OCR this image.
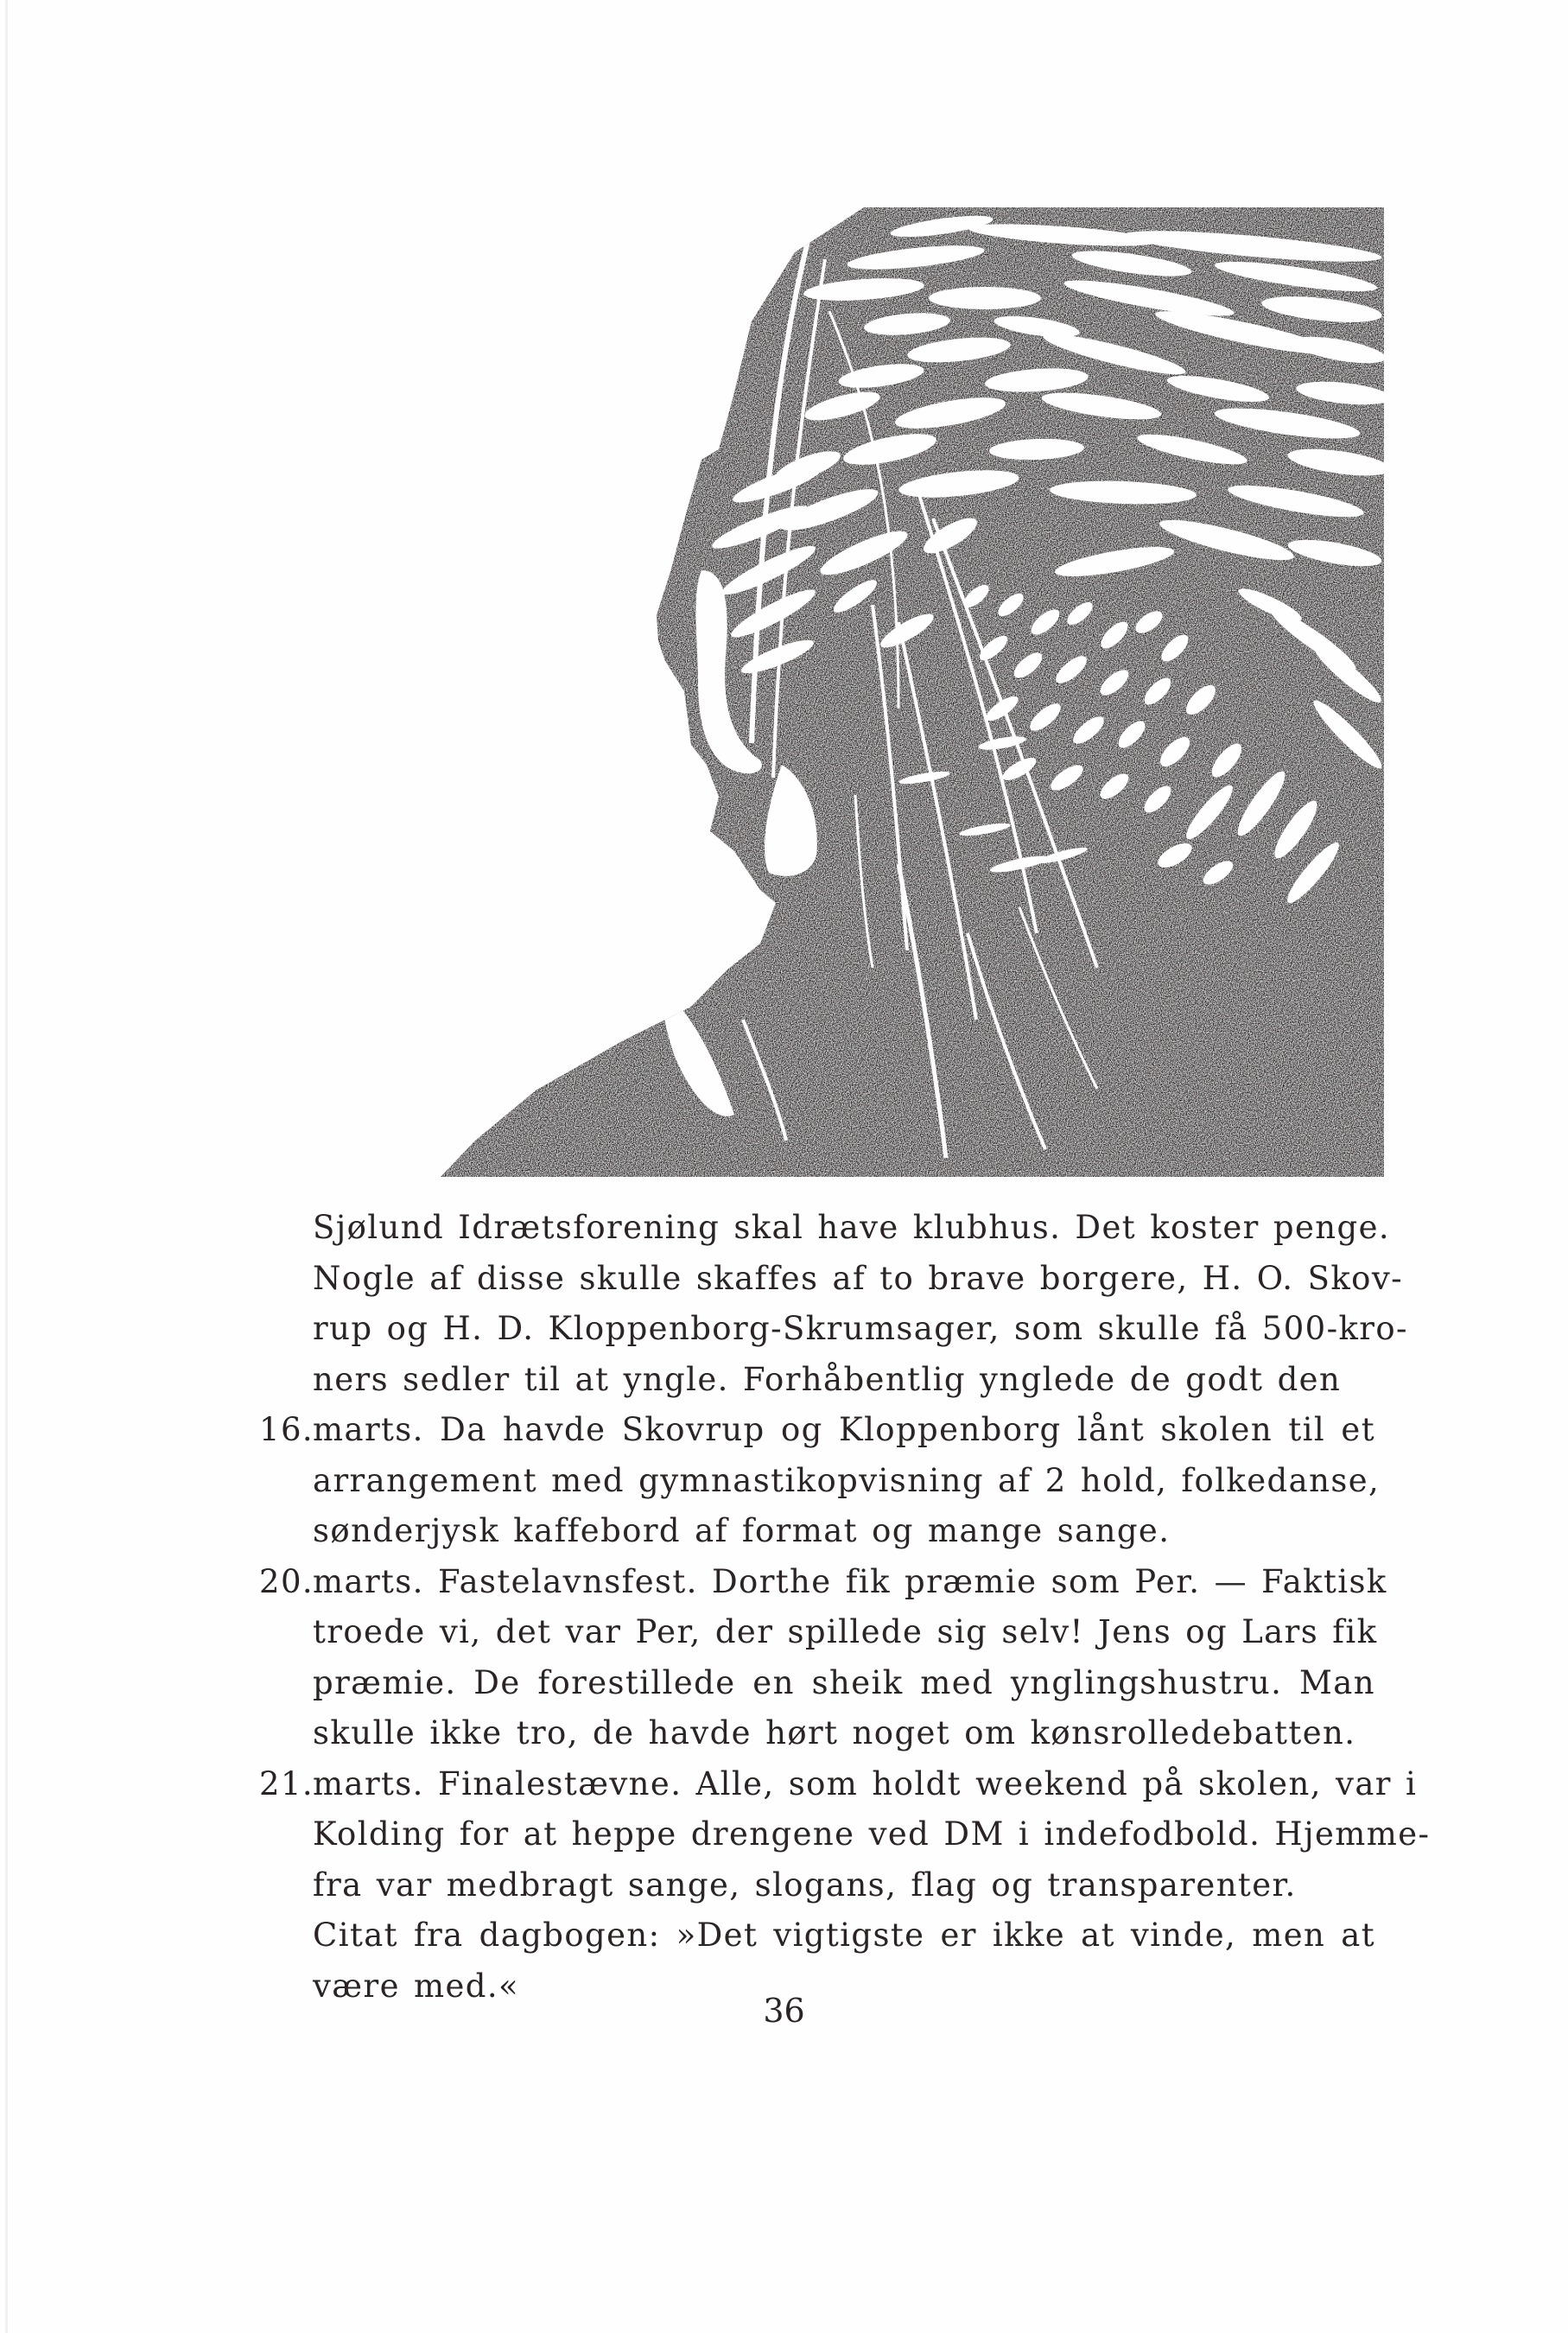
Sjølund Idrætsforening skal have klubhus. Det koster penge.
Nogle af disse skulle skaffes af to brave borgere, H. O. Skov-
rup og H. D. Kloppenborg-Skrumsager, som skulle få 500-kro-
ners sedler til at yngle. Forhåbentlig ynglede de godt den
16.
marts. Da havde Skovrup og Kloppenborg lånt skolen til et
arrangement med gymnastikopvisning af 2 hold, folkedanse,
sønderjysk kaffebord af format og mange sange.
20.
marts. Fastelavnsfest. Dorthe fik præmie som Per. — Faktisk
troede vi, det var Per, der spillede sig selv! Jens og Lars fik
præmie. De forestillede en sheik med ynglingshustru. Man
skulle ikke tro, de havde hørt noget om kønsrolledebatten.
21.
marts. Finalestævne. Alle, som holdt weekend på skolen, var i
Kolding for at heppe drengene ved DM i indefodbold. Hjemme-
fra var medbragt sange, slogans, flag og transparenter.
Citat fra dagbogen: »Det vigtigste er ikke at vinde, men at
være med.«
36
